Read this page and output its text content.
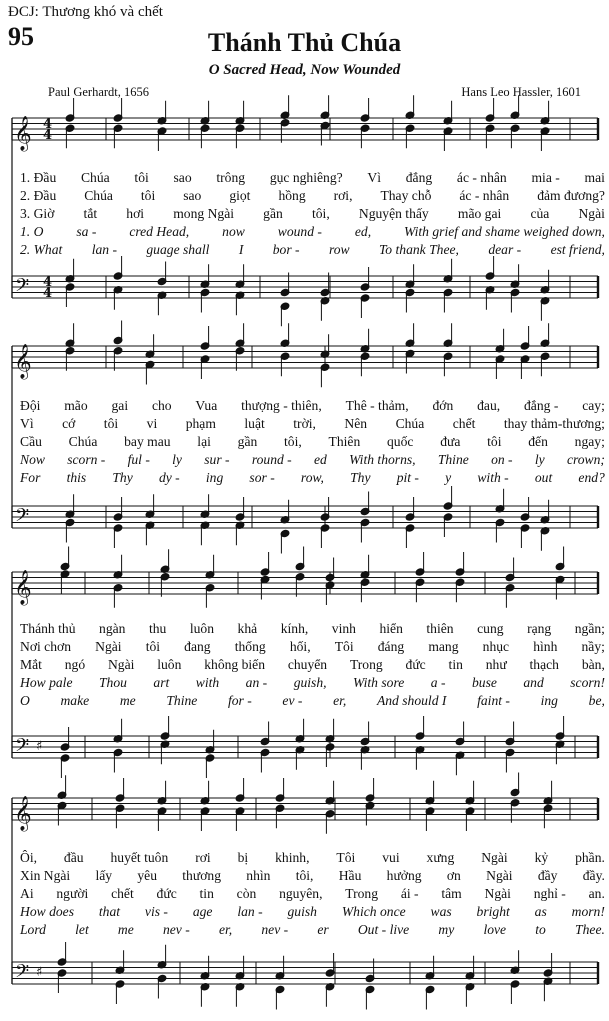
ĐCJ: Thương khó và chết
95	Thánh Thủ Chúa
O Sacred Head, Now Wounded
Paul Gerhardt, 1656	Hans Leo Hassler, 1601
𝄞
𝄢
𝄞
𝄢
𝄞
𝄢 ♯
𝄞
𝄢 ♯
4
4
4
4
1. Đầu Chúa tôi sao trông gục nghiêng? Vì đắng ác - nhân mia - mai
2. Đầu Chúa tôi sao giọt hồng rơi, Thay chỗ ác - nhân đảm đương?
3. Giờ tắt hơi mong Ngài gần tôi, Nguyện thấy mão gai của Ngài
1. O sa - cred Head, now wound - ed, With grief and shame weighed down,
2. What lan - guage shall I bor - row To thank Thee, dear - est friend,
Đội mão gai cho Vua thượng - thiên, Thê - thảm, đớn đau, đắng - cay;
Vì cớ tôi vi phạm luật trời, Nên Chúa chết thay thảm-thương;
Cầu Chúa bay mau lại gần tôi, Thiên quốc đưa tôi đến ngay;
Now scorn - ful - ly sur - round - ed With thorns, Thine on - ly crown;
For this Thy dy - ing sor - row, Thy pit - y with - out end?
Thánh thủ ngàn thu luôn khả kính, vinh hiển thiên cung rạng ngần;
Nơi chơn Ngài tôi đang thống hối, Tôi đáng mang nhục hình nầy;
Mắt ngó Ngài luôn không biến chuyển Trong đức tin như thạch bàn,
How pale Thou art with an - guish, With sore a - buse and scorn!
O make me Thine for - ev - er, And should I faint - ing be,
Ôi, đầu huyết tuôn rơi bị khinh, Tôi vui xưng Ngài kỷ phần.
Xin Ngài lấy yêu thương nhìn tôi, Hầu hưởng ơn Ngài đầy đầy.
Ai người chết đức tin còn nguyên, Trong ái - tâm Ngài nghỉ - an.
How does that vis - age lan - guish Which once was bright as morn!
Lord let me nev - er, nev - er Out - live my love to Thee.
